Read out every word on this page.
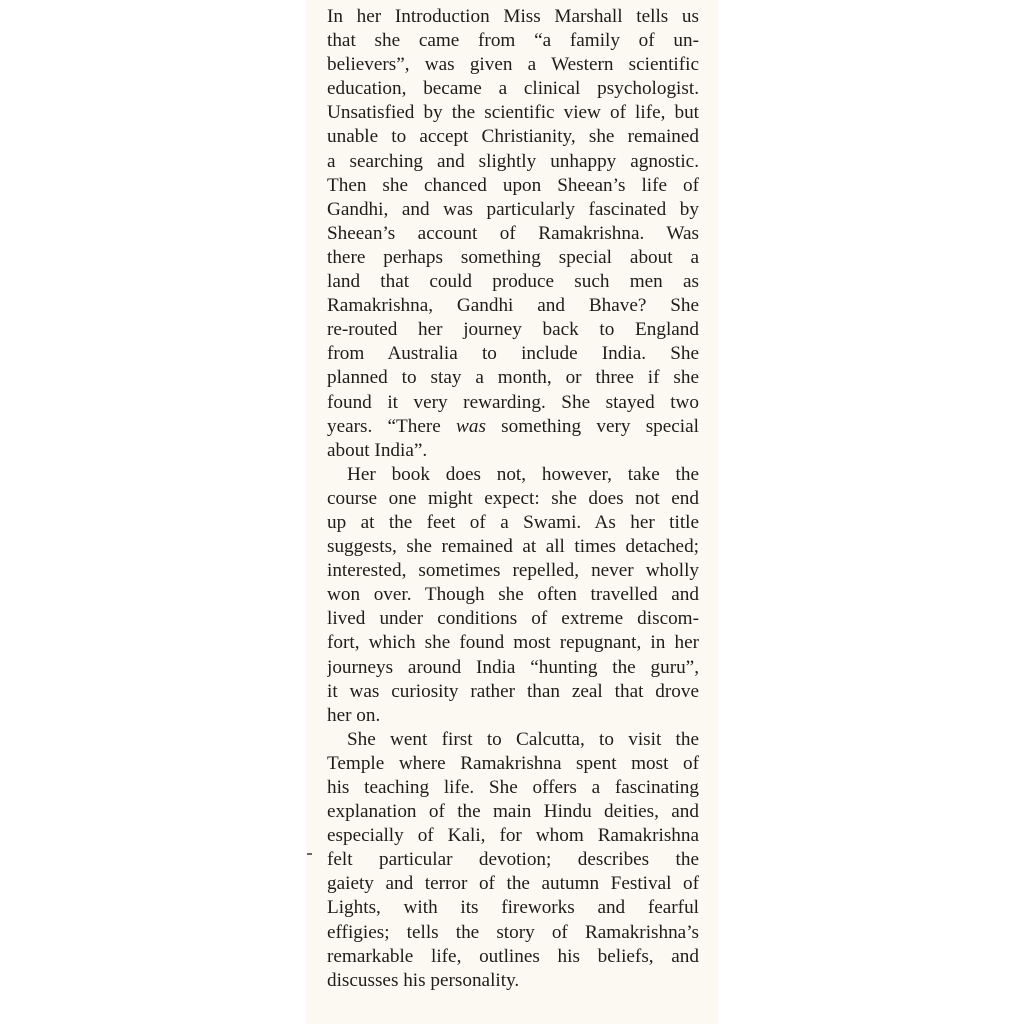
In her Introduction Miss Marshall tells us
that she came from “a family of un-
believers”, was given a Western scientific
education, became a clinical psychologist.
Unsatisfied by the scientific view of life, but
unable to accept Christianity, she remained
a searching and slightly unhappy agnostic.
Then she chanced upon Sheean’s life of
Gandhi, and was particularly fascinated by
Sheean’s account of Ramakrishna. Was
there perhaps something special about a
land that could produce such men as
Ramakrishna, Gandhi and Bhave? She
re-routed her journey back to England
from Australia to include India. She
planned to stay a month, or three if she
found it very rewarding. She stayed two
years. “There was something very special
about India”.
Her book does not, however, take the
course one might expect: she does not end
up at the feet of a Swami. As her title
suggests, she remained at all times detached;
interested, sometimes repelled, never wholly
won over. Though she often travelled and
lived under conditions of extreme discom-
fort, which she found most repugnant, in her
journeys around India “hunting the guru”,
it was curiosity rather than zeal that drove
her on.
She went first to Calcutta, to visit the
Temple where Ramakrishna spent most of
his teaching life. She offers a fascinating
explanation of the main Hindu deities, and
especially of Kali, for whom Ramakrishna
felt particular devotion; describes the
gaiety and terror of the autumn Festival of
Lights, with its fireworks and fearful
effigies; tells the story of Ramakrishna’s
remarkable life, outlines his beliefs, and
discusses his personality.
